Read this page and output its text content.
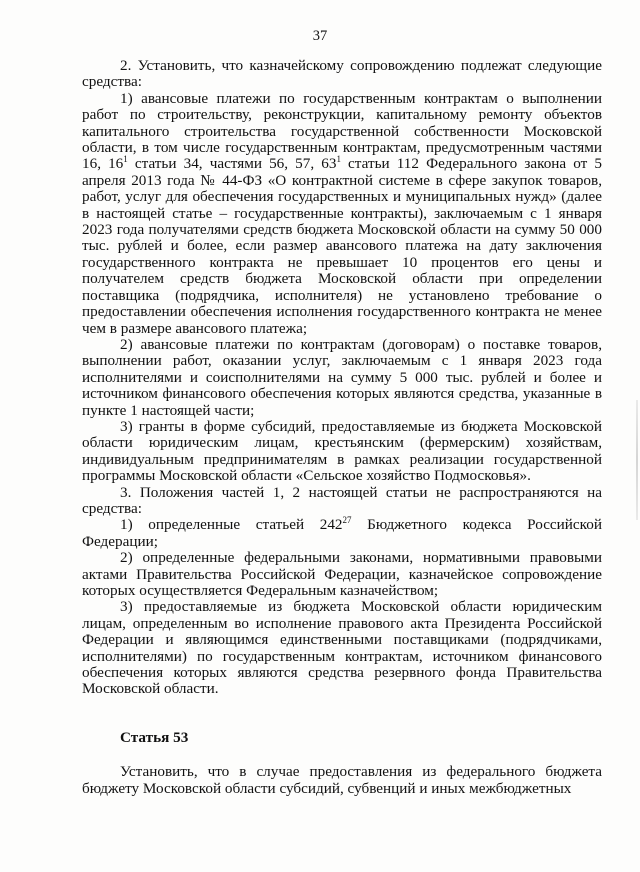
37

2. Установить, что казначейскому сопровождению подлежат следующие средства:

1) авансовые платежи по государственным контрактам о выполнении работ по строительству, реконструкции, капитальному ремонту объектов капитального строительства государственной собственности Московской области, в том числе государственным контрактам, предусмотренным частями 16, $16^1$ статьи 34, частями 56, 57, $63^1$ статьи 112 Федерального закона от 5 апреля 2013 года № 44-ФЗ «О контрактной системе в сфере закупок товаров, работ, услуг для обеспечения государственных и муниципальных нужд» (далее в настоящей статье – государственные контракты), заключаемым с 1 января 2023 года получателями средств бюджета Московской области на сумму 50 000 тыс. рублей и более, если размер авансового платежа на дату заключения государственного контракта не превышает 10 процентов его цены и получателем средств бюджета Московской области при определении поставщика (подрядчика, исполнителя) не установлено требование о предоставлении обеспечения исполнения государственного контракта не менее чем в размере авансового платежа;

2) авансовые платежи по контрактам (договорам) о поставке товаров, выполнении работ, оказании услуг, заключаемым с 1 января 2023 года исполнителями и соисполнителями на сумму 5 000 тыс. рублей и более и источником финансового обеспечения которых являются средства, указанные в пункте 1 настоящей части;

3) гранты в форме субсидий, предоставляемые из бюджета Московской области юридическим лицам, крестьянским (фермерским) хозяйствам, индивидуальным предпринимателям в рамках реализации государственной программы Московской области «Сельское хозяйство Подмосковья».

3. Положения частей 1, 2 настоящей статьи не распространяются на средства:

1) определенные статьей $242^{27}$ Бюджетного кодекса Российской Федерации;

2) определенные федеральными законами, нормативными правовыми актами Правительства Российской Федерации, казначейское сопровождение которых осуществляется Федеральным казначейством;

3) предоставляемые из бюджета Московской области юридическим лицам, определенным во исполнение правового акта Президента Российской Федерации и являющимся единственными поставщиками (подрядчиками, исполнителями) по государственным контрактам, источником финансового обеспечения которых являются средства резервного фонда Правительства Московской области.

Статья 53

Установить, что в случае предоставления из федерального бюджета бюджету Московской области субсидий, субвенций и иных межбюджетных
